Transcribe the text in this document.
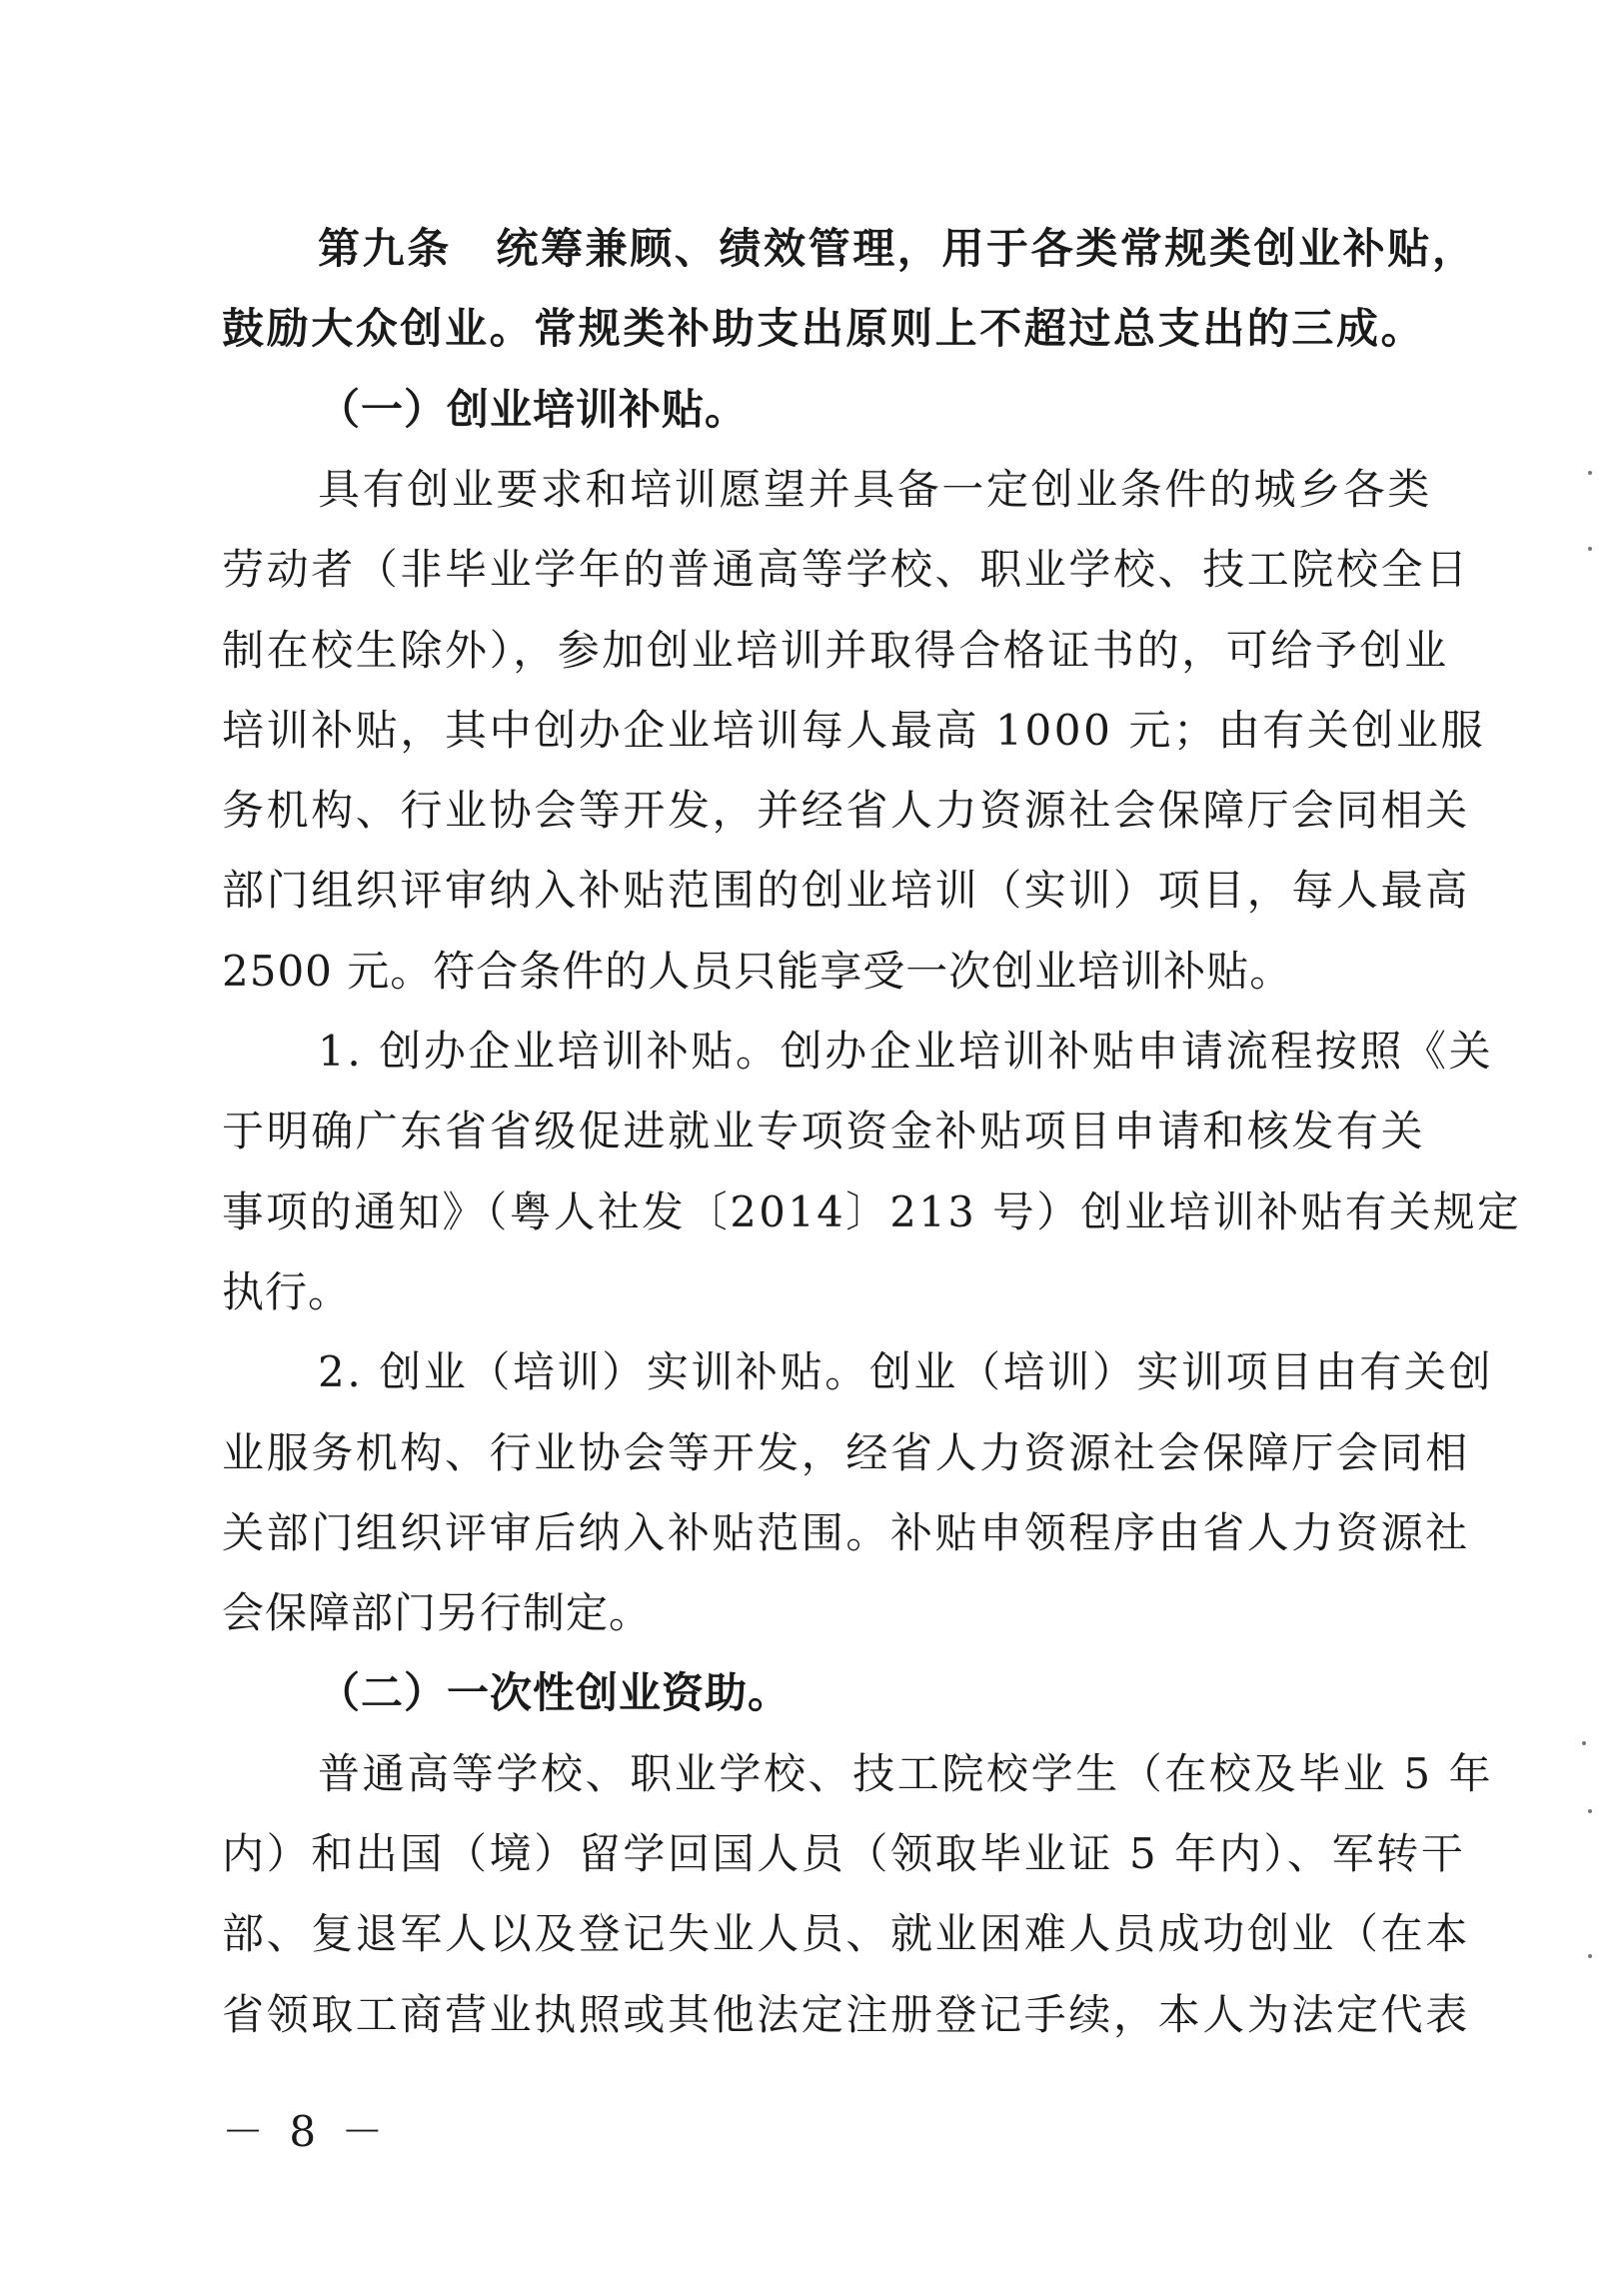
第九条　统筹兼顾、绩效管理，用于各类常规类创业补贴，
鼓励大众创业。常规类补助支出原则上不超过总支出的三成。
（一）创业培训补贴。
具有创业要求和培训愿望并具备一定创业条件的城乡各类
劳动者（非毕业学年的普通高等学校、职业学校、技工院校全日
制在校生除外），参加创业培训并取得合格证书的，可给予创业
培训补贴，其中创办企业培训每人最高 1000 元；由有关创业服
务机构、行业协会等开发，并经省人力资源社会保障厅会同相关
部门组织评审纳入补贴范围的创业培训（实训）项目，每人最高
2500 元。符合条件的人员只能享受一次创业培训补贴。
1. 创办企业培训补贴。创办企业培训补贴申请流程按照《关
于明确广东省省级促进就业专项资金补贴项目申请和核发有关
事项的通知》（粤人社发〔2014〕213 号）创业培训补贴有关规定
执行。
2. 创业（培训）实训补贴。创业（培训）实训项目由有关创
业服务机构、行业协会等开发，经省人力资源社会保障厅会同相
关部门组织评审后纳入补贴范围。补贴申领程序由省人力资源社
会保障部门另行制定。
（二）一次性创业资助。
普通高等学校、职业学校、技工院校学生（在校及毕业 5 年
内）和出国（境）留学回国人员（领取毕业证 5 年内）、军转干
部、复退军人以及登记失业人员、就业困难人员成功创业（在本
省领取工商营业执照或其他法定注册登记手续，本人为法定代表
－ 8 －
